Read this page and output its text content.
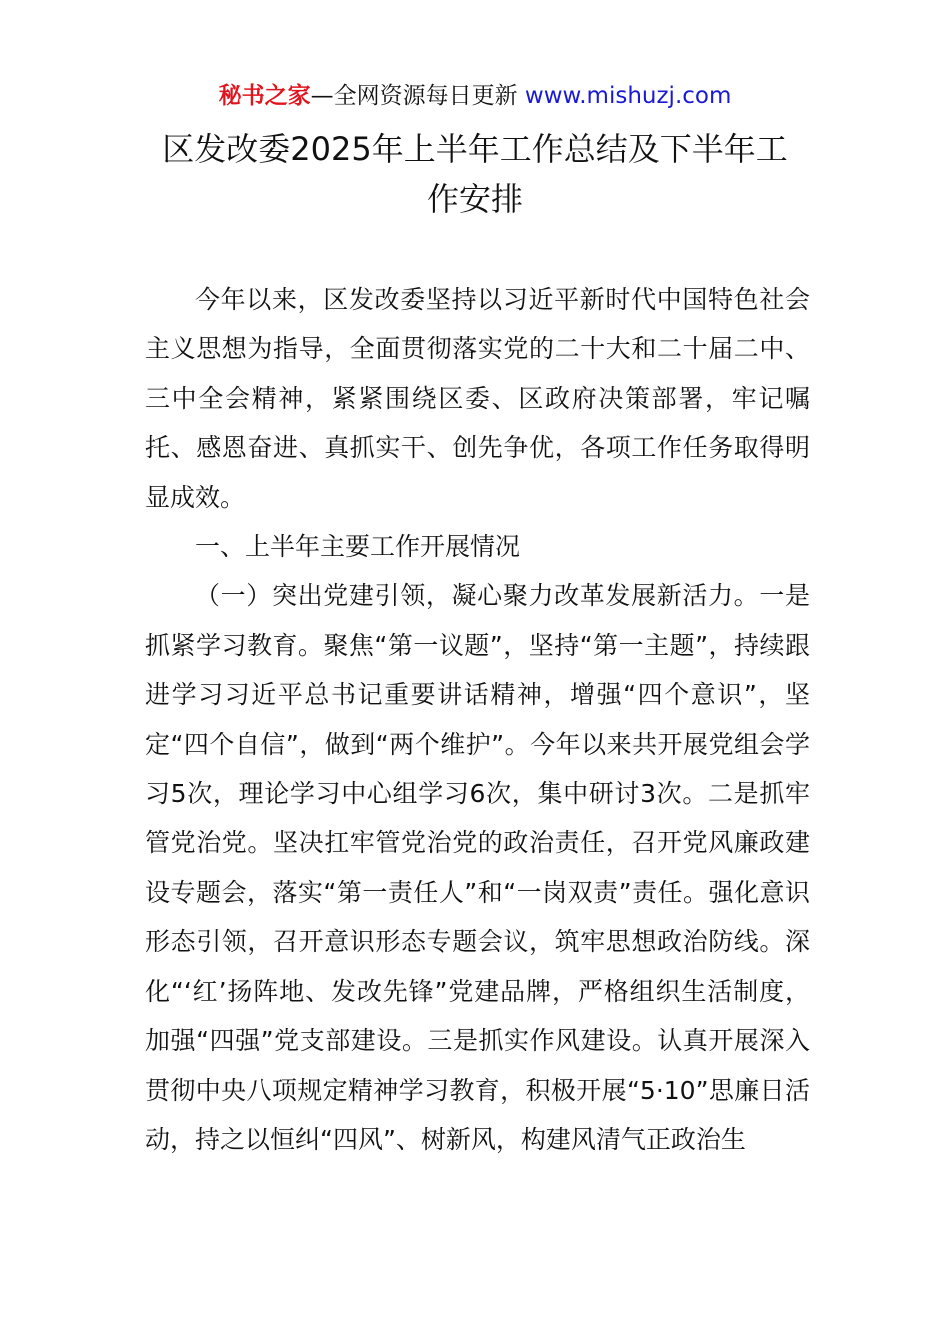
秘书之家—全网资源每日更新 www.mishuzj.com
区发改委2025年上半年工作总结及下半年工作安排

今年以来，区发改委坚持以习近平新时代中国特色社会主义思想为指导，全面贯彻落实党的二十大和二十届二中、三中全会精神，紧紧围绕区委、区政府决策部署，牢记嘱托、感恩奋进、真抓实干、创先争优，各项工作任务取得明显成效。

一、上半年主要工作开展情况

（一）突出党建引领，凝心聚力改革发展新活力。一是抓紧学习教育。聚焦“第一议题”，坚持“第一主题”，持续跟进学习习近平总书记重要讲话精神，增强“四个意识”，坚定“四个自信”，做到“两个维护”。今年以来共开展党组会学习5次，理论学习中心组学习6次，集中研讨3次。二是抓牢管党治党。坚决扛牢管党治党的政治责任，召开党风廉政建设专题会，落实“第一责任人”和“一岗双责”责任。强化意识形态引领，召开意识形态专题会议，筑牢思想政治防线。深化“‘红’扬阵地、发改先锋”党建品牌，严格组织生活制度，加强“四强”党支部建设。三是抓实作风建设。认真开展深入贯彻中央八项规定精神学习教育，积极开展“5·10”思廉日活动，持之以恒纠“四风”、树新风，构建风清气正政治生
